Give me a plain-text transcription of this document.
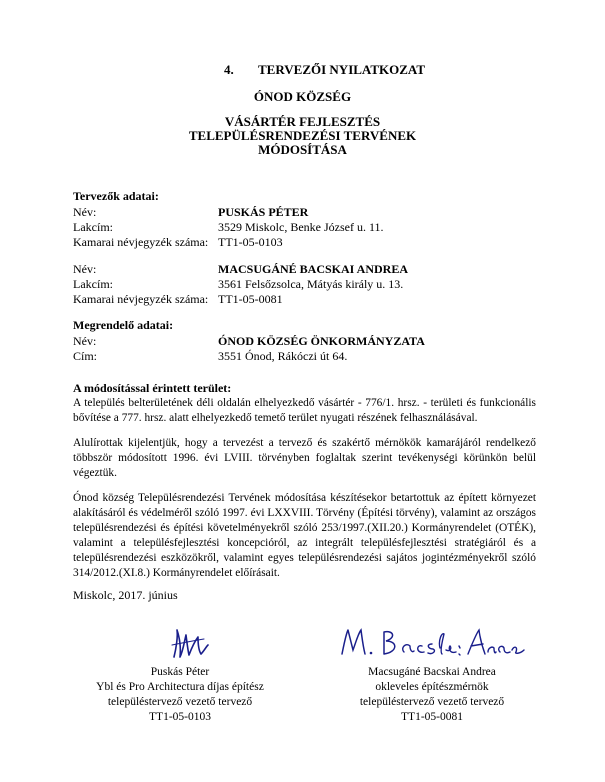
4. TERVEZŐI NYILATKOZAT
ÓNOD KÖZSÉG
VÁSÁRTÉR FEJLESZTÉS
TELEPÜLÉSRENDEZÉSI TERVÉNEK
MÓDOSÍTÁSA
Tervezők adatai:
Név:	PUSKÁS PÉTER
Lakcím:	3529 Miskolc, Benke József u. 11.
Kamarai névjegyzék száma: TT1-05-0103
Név:	MACSUGÁNÉ BACSKAI ANDREA
Lakcím:	3561 Felsőzsolca, Mátyás király u. 13.
Kamarai névjegyzék száma: TT1-05-0081
Megrendelő adatai:
Név:	ÓNOD KÖZSÉG ÖNKORMÁNYZATA
Cím:	3551 Ónod, Rákóczi út 64.
A módosítással érintett terület:
A település belterületének déli oldalán elhelyezkedő vásártér - 776/1. hrsz. - területi és funkcionális bővítése a 777. hrsz. alatt elhelyezkedő temető terület nyugati részének felhasználásával.
Alulírottak kijelentjük, hogy a tervezést a tervező és szakértő mérnökök kamarájáról rendelkező többször módosított 1996. évi LVIII. törvényben foglaltak szerint tevékenységi körünkön belül végeztük.
Ónod község Településrendezési Tervének módosítása készítésekor betartottuk az épített környezet alakításáról és védelméről szóló 1997. évi LXXVIII. Törvény (Építési törvény), valamint az országos településrendezési és építési követelményekről szóló 253/1997.(XII.20.) Kormányrendelet (OTÉK), valamint a településfejlesztési koncepcióról, az integrált településfejlesztési stratégiáról és a településrendezési eszközökről, valamint egyes településrendezési sajátos jogintézményekről szóló 314/2012.(XI.8.) Kormányrendelet előírásait.
Miskolc, 2017. június
Puskás Péter
Ybl és Pro Architectura díjas építész
településtervező vezető tervező
TT1-05-0103
Macsugáné Bacskai Andrea
okleveles építészmérnök
településtervező vezető tervező
TT1-05-0081
